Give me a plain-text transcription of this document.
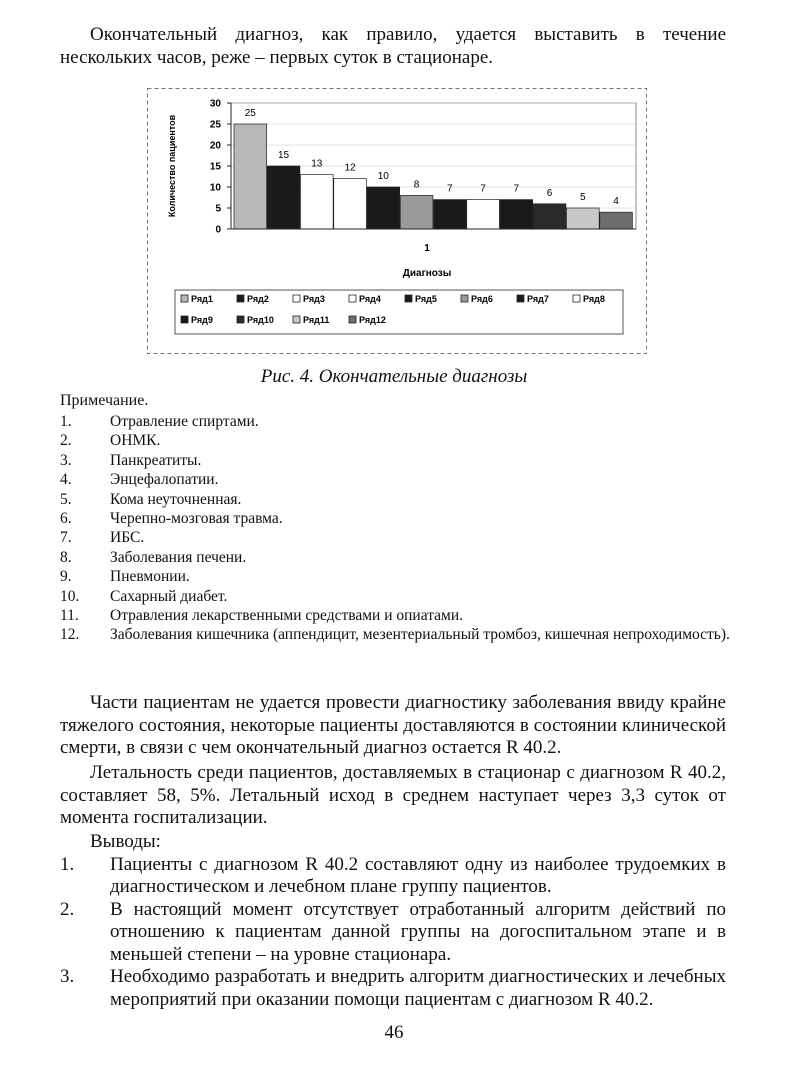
Окончательный диагноз, как правило, удается выставить в течение нескольких часов, реже – первых суток в стационаре.
0
5
10
15
20
25
30
25
15
13 12
10
8	7	7	7	6	5	4
1
Диагнозы
Количество пациентов
Ряд1	Ряд2	Ряд3	Ряд4	Ряд5	Ряд6	Ряд7	Ряд8
Ряд9	Ряд10	Ряд11	Ряд12
Рис. 4. Окончательные диагнозы
Примечание.
1.	Отравление спиртами.
2.	ОНМК.
3.	Панкреатиты.
4.	Энцефалопатии.
5.	Кома неуточненная.
6.	Черепно-мозговая травма.
7.	ИБС.
8.	Заболевания печени.
9.	Пневмонии.
10.	Сахарный диабет.
11.	Отравления лекарственными средствами и опиатами.
12.	Заболевания кишечника (аппендицит, мезентериальный тромбоз, кишечная непроходимость).
Части пациентам не удается провести диагностику заболевания ввиду крайне тяжелого состояния, некоторые пациенты доставляются в состоянии клинической смерти, в связи с чем окончательный диагноз остается R 40.2.
Летальность среди пациентов, доставляемых в стационар с диагнозом R 40.2, составляет 58, 5%. Летальный исход в среднем наступает через 3,3 суток от момента госпитализации.
Выводы:
1.	Пациенты с диагнозом R 40.2 составляют одну из наиболее трудоемких в диагностическом и лечебном плане группу пациентов.
2.	В настоящий момент отсутствует отработанный алгоритм действий по отношению к пациентам данной группы на догоспитальном этапе и в меньшей степени – на уровне стационара.
3.	Необходимо разработать и внедрить алгоритм диагностических и лечебных мероприятий при оказании помощи пациентам с диагнозом R 40.2.
46
